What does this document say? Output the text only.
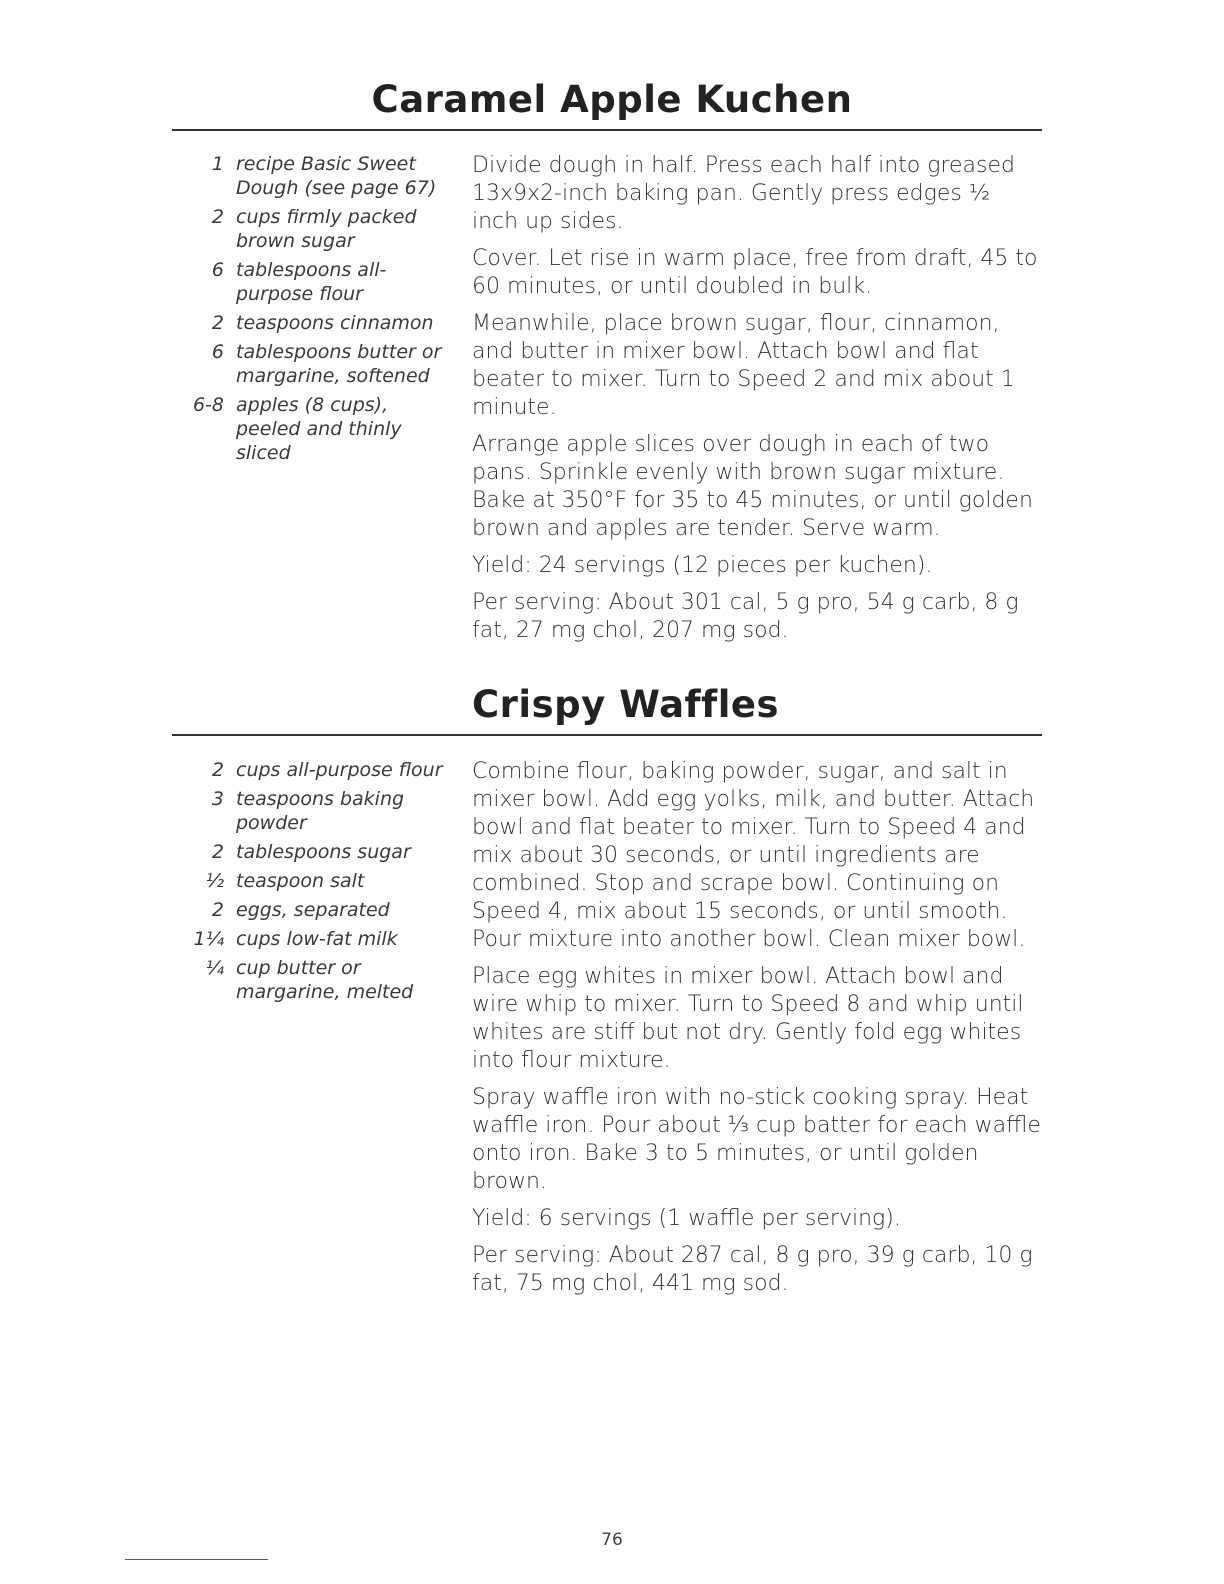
Caramel Apple Kuchen
1 recipe Basic Sweet Dough (see page 67)
2 cups firmly packed brown sugar
6 tablespoons all-purpose flour
2 teaspoons cinnamon
6 tablespoons butter or margarine, softened
6-8 apples (8 cups), peeled and thinly sliced

Divide dough in half. Press each half into greased 13x9x2-inch baking pan. Gently press edges ½ inch up sides.

Cover. Let rise in warm place, free from draft, 45 to 60 minutes, or until doubled in bulk.

Meanwhile, place brown sugar, flour, cinnamon, and butter in mixer bowl. Attach bowl and flat beater to mixer. Turn to Speed 2 and mix about 1 minute.

Arrange apple slices over dough in each of two pans. Sprinkle evenly with brown sugar mixture. Bake at 350°F for 35 to 45 minutes, or until golden brown and apples are tender. Serve warm.

Yield: 24 servings (12 pieces per kuchen).

Per serving: About 301 cal, 5 g pro, 54 g carb, 8 g fat, 27 mg chol, 207 mg sod.

Crispy Waffles
2 cups all-purpose flour
3 teaspoons baking powder
2 tablespoons sugar
½ teaspoon salt
2 eggs, separated
1¼ cups low-fat milk
¼ cup butter or margarine, melted

Combine flour, baking powder, sugar, and salt in mixer bowl. Add egg yolks, milk, and butter. Attach bowl and flat beater to mixer. Turn to Speed 4 and mix about 30 seconds, or until ingredients are combined. Stop and scrape bowl. Continuing on Speed 4, mix about 15 seconds, or until smooth. Pour mixture into another bowl. Clean mixer bowl.

Place egg whites in mixer bowl. Attach bowl and wire whip to mixer. Turn to Speed 8 and whip until whites are stiff but not dry. Gently fold egg whites into flour mixture.

Spray waffle iron with no-stick cooking spray. Heat waffle iron. Pour about ⅓ cup batter for each waffle onto iron. Bake 3 to 5 minutes, or until golden brown.

Yield: 6 servings (1 waffle per serving).

Per serving: About 287 cal, 8 g pro, 39 g carb, 10 g fat, 75 mg chol, 441 mg sod.

76
